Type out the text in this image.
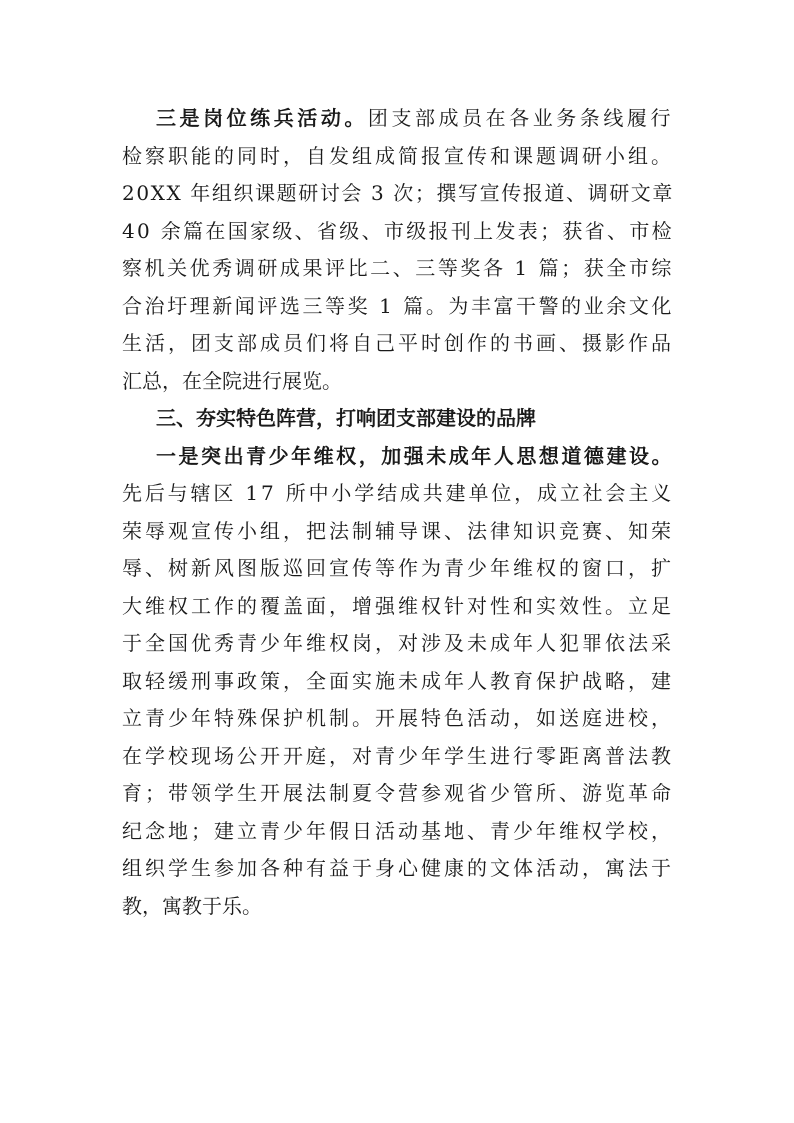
三是岗位练兵活动。 团支部成员在各业务条线履行
检察职能的同时，自发组成简报宣传和课题调研小组。
20XX 年组织课题研讨会 3 次；撰写宣传报道、调研文章
40 余篇在国家级、省级、市级报刊上发表；获省、市检
察机关优秀调研成果评比二、三等奖各 1 篇；获全市综
合治圩理新闻评选三等奖 1 篇。为丰富干警的业余文化
生活，团支部成员们将自己平时创作的书画、摄影作品
汇总，在全院进行展览。
三、夯实特色阵营，打响团支部建设的品牌
一是突出青少年维权，加强未成年人思想道德建设。
先后与辖区 17 所中小学结成共建单位，成立社会主义
荣辱观宣传小组，把法制辅导课、法律知识竞赛、知荣
辱、树新风图版巡回宣传等作为青少年维权的窗口，扩
大维权工作的覆盖面，增强维权针对性和实效性。立足
于全国优秀青少年维权岗，对涉及未成年人犯罪依法采
取轻缓刑事政策，全面实施未成年人教育保护战略，建
立青少年特殊保护机制。开展特色活动，如送庭进校，
在学校现场公开开庭，对青少年学生进行零距离普法教
育；带领学生开展法制夏令营参观省少管所、游览革命
纪念地；建立青少年假日活动基地、青少年维权学校，
组织学生参加各种有益于身心健康的文体活动，寓法于
教，寓教于乐。
